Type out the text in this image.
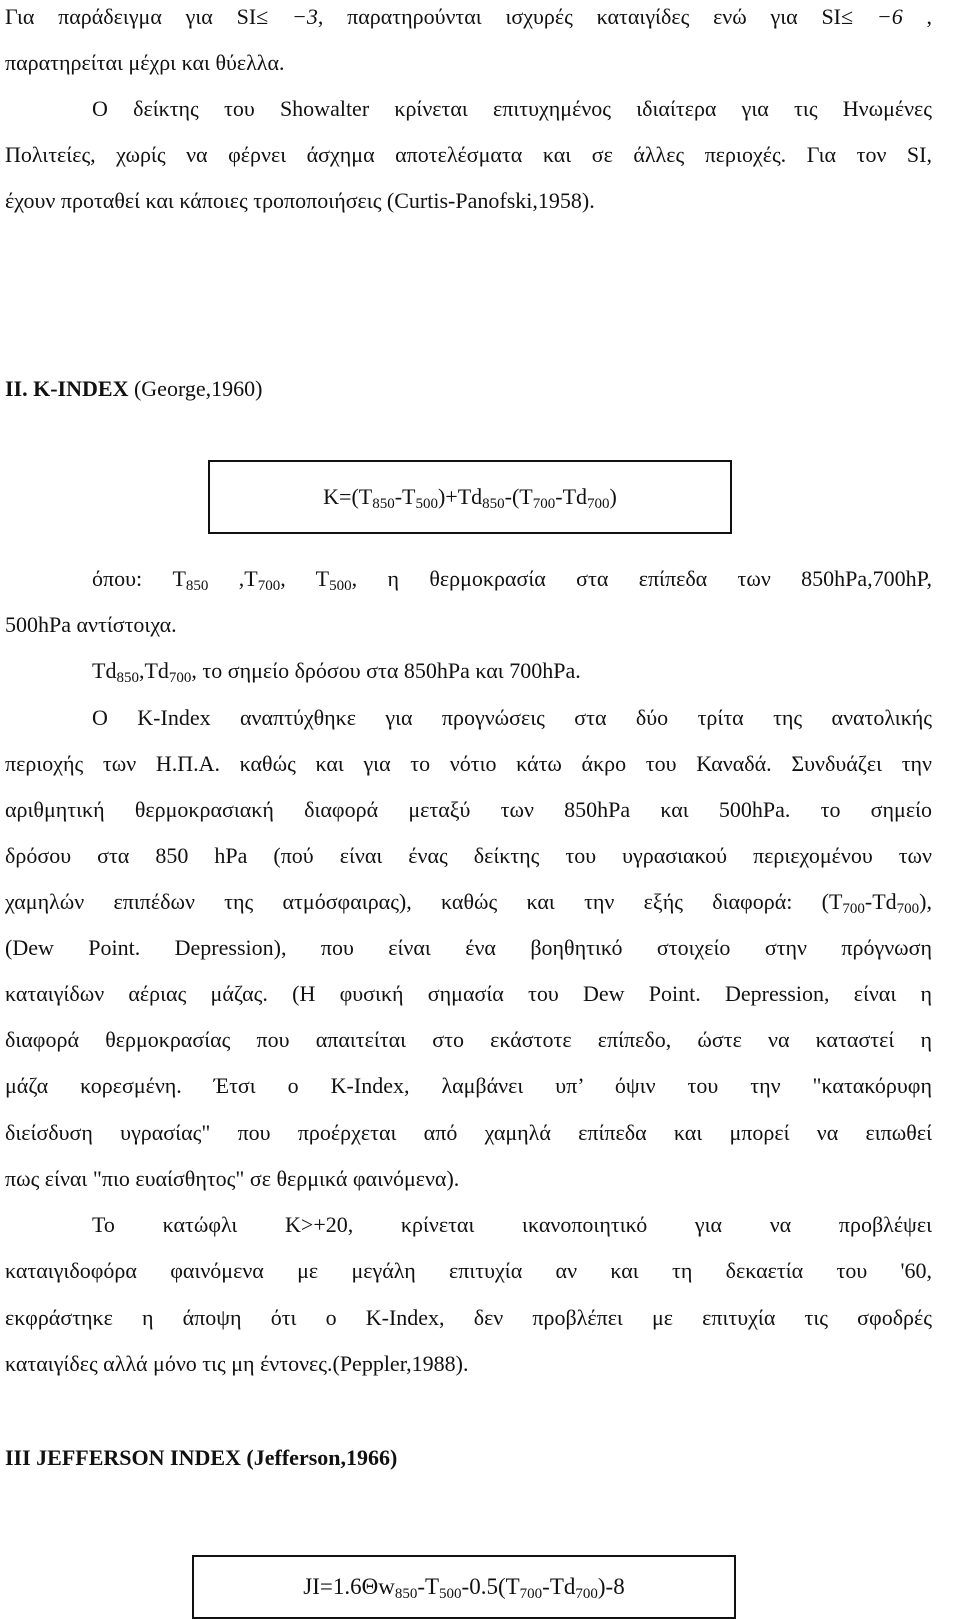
Για παράδειγμα για SI≤ −3, παρατηρούνται ισχυρές καταιγίδες ενώ για SI≤ −6 ,
παρατηρείται μέχρι και θύελλα.
Ο δείκτης του Showalter κρίνεται επιτυχημένος ιδιαίτερα για τις Ηνωμένες
Πολιτείες, χωρίς να φέρνει άσχημα αποτελέσματα και σε άλλες περιοχές. Για τον SI,
έχουν προταθεί και κάποιες τροποποιήσεις (Curtis-Panofski,1958).
ΙΙ. K-INDEX (George,1960)
$K=(T_{850}-T_{500})+Td_{850}-(T_{700}-Td_{700})$
όπου: $T_{850}$ $,T_{700}$, $T_{500}$, η θερμοκρασία στα επίπεδα των 850hPa,700hP,
500hPa αντίστοιχα.
$Td_{850},Td_{700}$, το σημείο δρόσου στα 850hPa και 700hPa.
Ο K-Index αναπτύχθηκε για προγνώσεις στα δύο τρίτα της ανατολικής
περιοχής των Η.Π.Α. καθώς και για το νότιο κάτω άκρο του Καναδά. Συνδυάζει την
αριθμητική θερμοκρασιακή διαφορά μεταξύ των 850hPa και 500hPa. το σημείο
δρόσου στα 850 hPa (πού είναι ένας δείκτης του υγρασιακού περιεχομένου των
χαμηλών επιπέδων της ατμόσφαιρας), καθώς και την εξής διαφορά: $(T_{700}-Td_{700})$,
(Dew Point. Depression), που είναι ένα βοηθητικό στοιχείο στην πρόγνωση
καταιγίδων αέριας μάζας. (Η φυσική σημασία του Dew Point. Depression, είναι η
διαφορά θερμοκρασίας που απαιτείται στο εκάστοτε επίπεδο, ώστε να καταστεί η
μάζα κορεσμένη. Έτσι ο K-Index, λαμβάνει υπ’ όψιν του την "κατακόρυφη
διείσδυση υγρασίας" που προέρχεται από χαμηλά επίπεδα και μπορεί να ειπωθεί
πως είναι "πιο ευαίσθητος" σε θερμικά φαινόμενα).
Το κατώφλι K>+20, κρίνεται ικανοποιητικό για να προβλέψει
καταιγιδοφόρα φαινόμενα με μεγάλη επιτυχία αν και τη δεκαετία του '60,
εκφράστηκε η άποψη ότι ο K-Index, δεν προβλέπει με επιτυχία τις σφοδρές
καταιγίδες αλλά μόνο τις μη έντονες.(Peppler,1988).
ΙΙΙ JEFFERSON INDEX (Jefferson,1966)
$JI=1.6\Theta w_{850}-T_{500}-0.5(T_{700}-Td_{700})-8$
